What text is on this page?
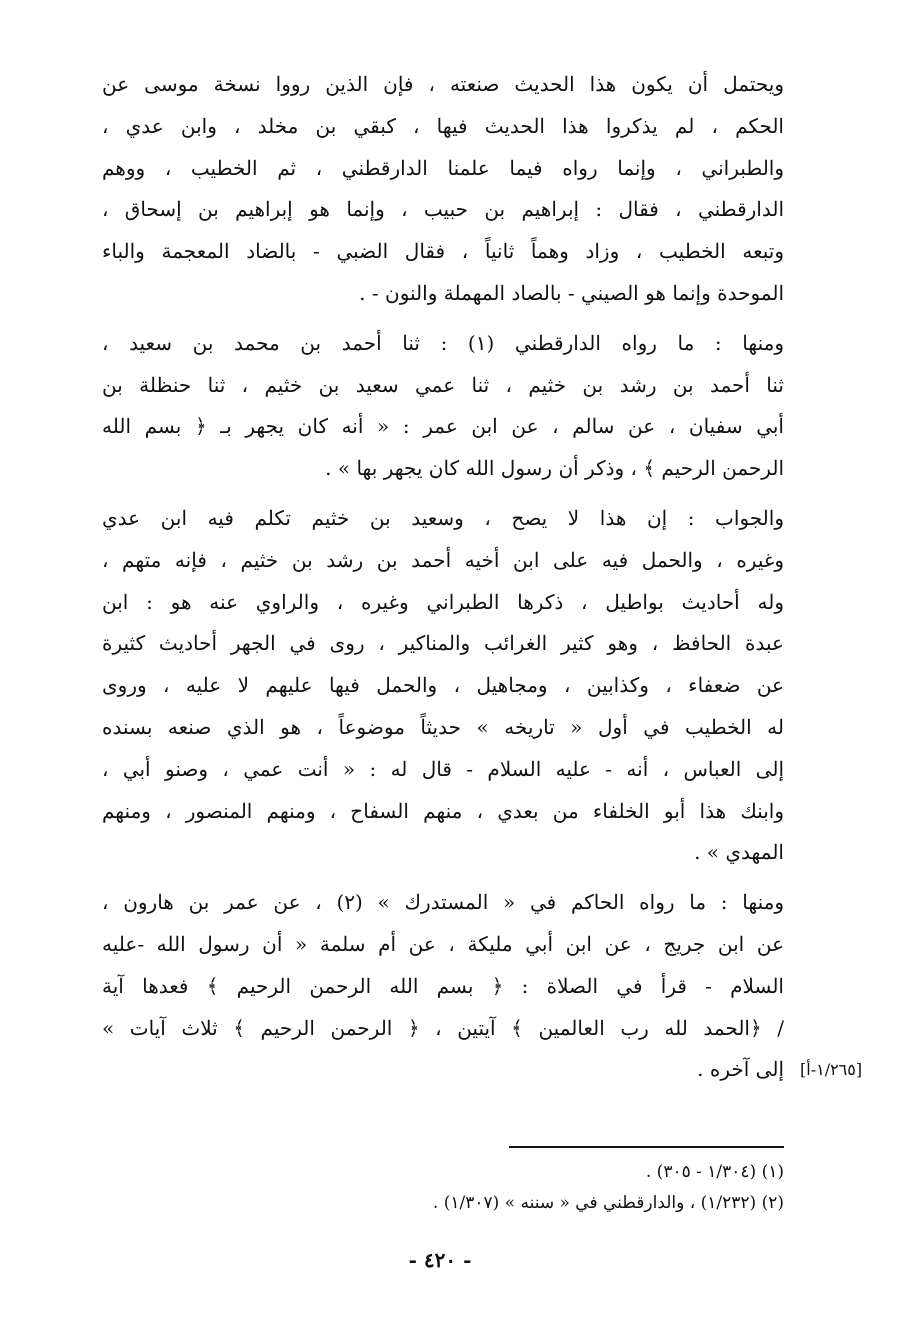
ويحتمل أن يكون هذا الحديث صنعته ، فإن الذين رووا نسخة موسى عن
الحكم ، لم يذكروا هذا الحديث فيها ، كبقي بن مخلد ، وابن عدي ،
والطبراني ، وإنما رواه فيما علمنا الدارقطني ، ثم الخطيب ، ووهم
الدارقطني ، فقال : إبراهيم بن حبيب ، وإنما هو إبراهيم بن إسحاق ،
وتبعه الخطيب ، وزاد وهماً ثانياً ، فقال الضبي - بالضاد المعجمة والباء
الموحدة وإنما هو الصيني - بالصاد المهملة والنون - .

ومنها : ما رواه الدارقطني (١) : ثنا أحمد بن محمد بن سعيد ،
ثنا أحمد بن رشد بن خثيم ، ثنا عمي سعيد بن خثيم ، ثنا حنظلة بن
أبي سفيان ، عن سالم ، عن ابن عمر : « أنه كان يجهر بـ ﴿ بسم الله
الرحمن الرحيم ﴾ ، وذكر أن رسول الله كان يجهر بها » .

والجواب : إن هذا لا يصح ، وسعيد بن خثيم تكلم فيه ابن عدي
وغيره ، والحمل فيه على ابن أخيه أحمد بن رشد بن خثيم ، فإنه متهم ،
وله أحاديث بواطيل ، ذكرها الطبراني وغيره ، والراوي عنه هو : ابن
عبدة الحافظ ، وهو كثير الغرائب والمناكير ، روى في الجهر أحاديث كثيرة
عن ضعفاء ، وكذابين ، ومجاهيل ، والحمل فيها عليهم لا عليه ، وروى
له الخطيب في أول « تاريخه » حديثاً موضوعاً ، هو الذي صنعه بسنده
إلى العباس ، أنه - عليه السلام - قال له : « أنت عمي ، وصنو أبي ،
وابنك هذا أبو الخلفاء من بعدي ، منهم السفاح ، ومنهم المنصور ، ومنهم
المهدي » .

ومنها : ما رواه الحاكم في « المستدرك » (٢) ، عن عمر بن هارون ،
عن ابن جريج ، عن ابن أبي مليكة ، عن أم سلمة « أن رسول الله -عليه
السلام - قرأ في الصلاة : ﴿ بسم الله الرحمن الرحيم ﴾ فعدها آية
/ ﴿الحمد لله رب العالمين ﴾ آيتين ، ﴿ الرحمن الرحيم ﴾ ثلاث آيات »
إلى آخره . [١/٢٦٥-أ]
(١) (١/٣٠٤ - ٣٠٥) .
(٢) (١/٢٣٢) ، والدارقطني في « سننه » (١/٣٠٧) .
- ٤٢٠ -
